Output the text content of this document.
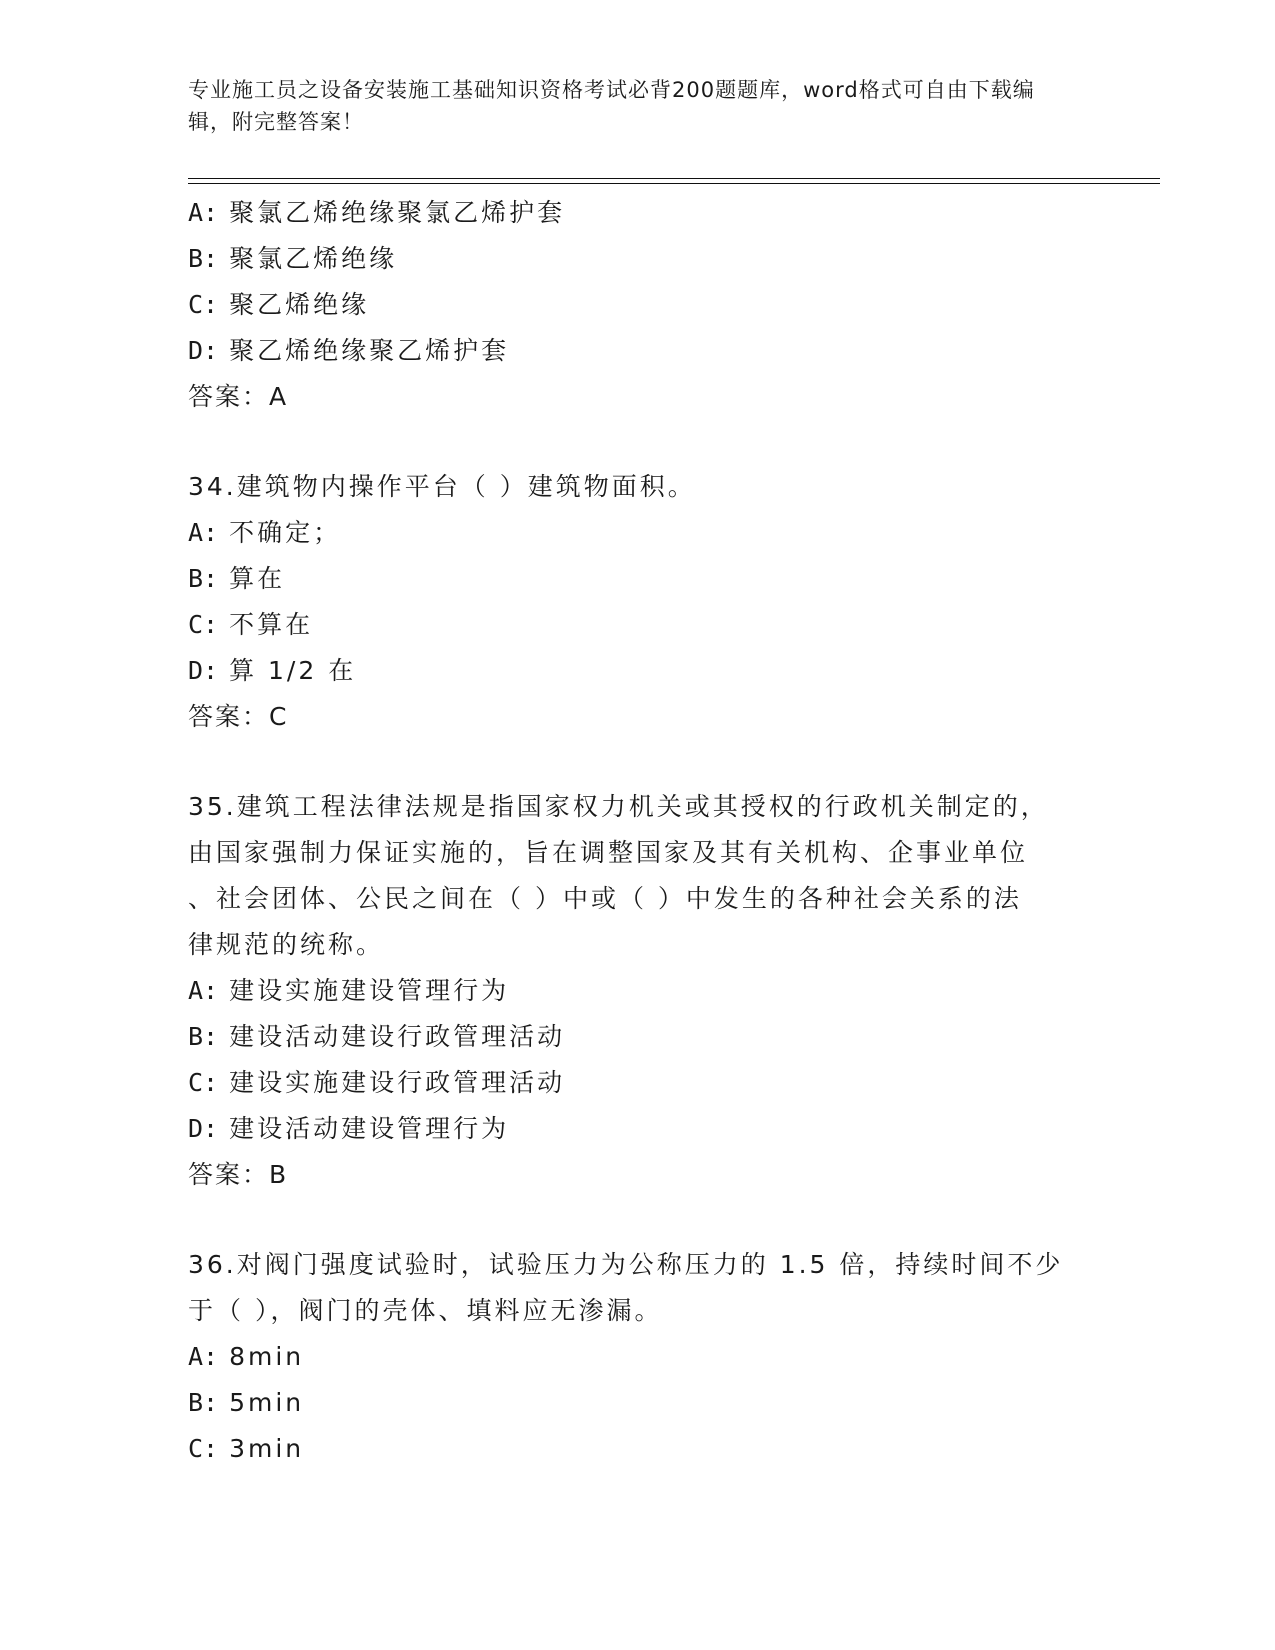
专业施工员之设备安装施工基础知识资格考试必背200题题库，word格式可自由下载编辑，附完整答案！
A: 聚氯乙烯绝缘聚氯乙烯护套
B: 聚氯乙烯绝缘
C: 聚乙烯绝缘
D: 聚乙烯绝缘聚乙烯护套
答案：A
34.建筑物内操作平台（ ）建筑物面积。
A: 不确定；
B: 算在
C: 不算在
D: 算 1/2 在
答案：C
35.建筑工程法律法规是指国家权力机关或其授权的行政机关制定的，
由国家强制力保证实施的，旨在调整国家及其有关机构、企事业单位
、社会团体、公民之间在（ ）中或（ ）中发生的各种社会关系的法
律规范的统称。
A: 建设实施建设管理行为
B: 建设活动建设行政管理活动
C: 建设实施建设行政管理活动
D: 建设活动建设管理行为
答案：B
36.对阀门强度试验时，试验压力为公称压力的 1.5 倍，持续时间不少
于（ ），阀门的壳体、填料应无渗漏。
A: 8min
B: 5min
C: 3min
